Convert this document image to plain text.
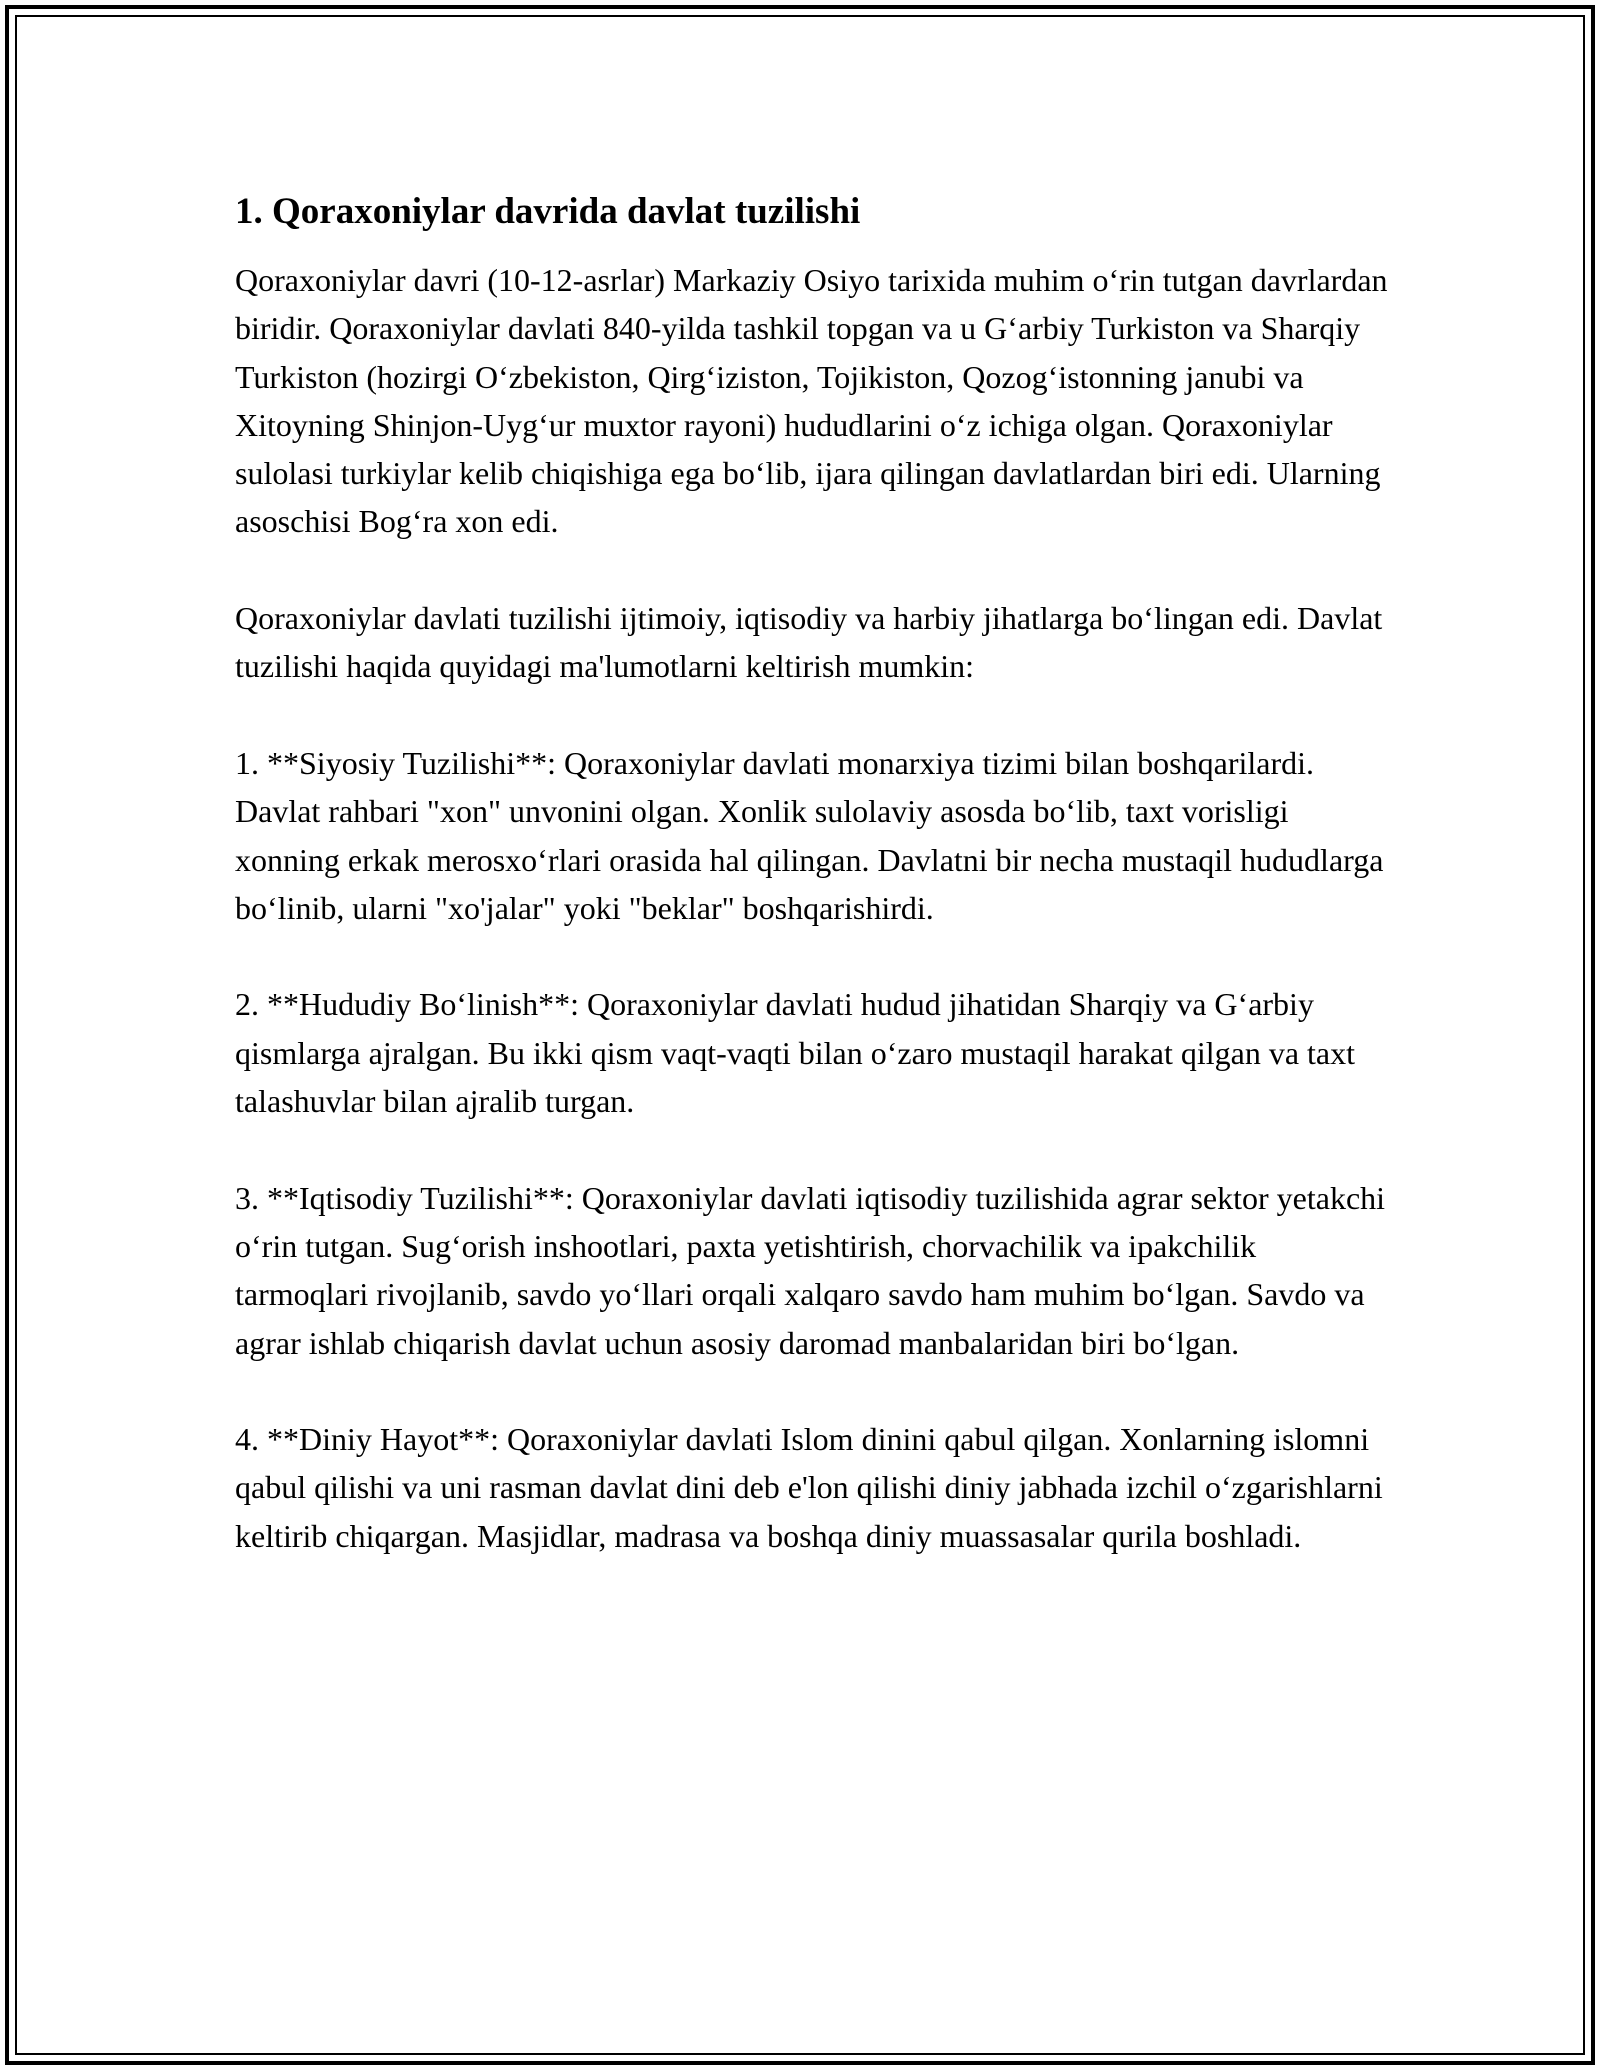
1. Qoraxoniylar davrida davlat tuzilishi

Qoraxoniylar davri (10-12-asrlar) Markaziy Osiyo tarixida muhim o‘rin tutgan davrlardan biridir. Qoraxoniylar davlati 840-yilda tashkil topgan va u G‘arbiy Turkiston va Sharqiy Turkiston (hozirgi O‘zbekiston, Qirg‘iziston, Tojikiston, Qozog‘istonning janubi va Xitoyning Shinjon-Uyg‘ur muxtor rayoni) hududlarini o‘z ichiga olgan. Qoraxoniylar sulolasi turkiylar kelib chiqishiga ega bo‘lib, ijara qilingan davlatlardan biri edi. Ularning asoschisi Bog‘ra xon edi.

Qoraxoniylar davlati tuzilishi ijtimoiy, iqtisodiy va harbiy jihatlarga bo‘lingan edi. Davlat tuzilishi haqida quyidagi ma'lumotlarni keltirish mumkin:

1. **Siyosiy Tuzilishi**: Qoraxoniylar davlati monarxiya tizimi bilan boshqarilardi. Davlat rahbari "xon" unvonini olgan. Xonlik sulolaviy asosda bo‘lib, taxt vorisligi xonning erkak merosxo‘rlari orasida hal qilingan. Davlatni bir necha mustaqil hududlarga bo‘linib, ularni "xo'jalar" yoki "beklar" boshqarishirdi.

2. **Hududiy Bo‘linish**: Qoraxoniylar davlati hudud jihatidan Sharqiy va G‘arbiy qismlarga ajralgan. Bu ikki qism vaqt-vaqti bilan o‘zaro mustaqil harakat qilgan va taxt talashuvlar bilan ajralib turgan.

3. **Iqtisodiy Tuzilishi**: Qoraxoniylar davlati iqtisodiy tuzilishida agrar sektor yetakchi o‘rin tutgan. Sug‘orish inshootlari, paxta yetishtirish, chorvachilik va ipakchilik tarmoqlari rivojlanib, savdo yo‘llari orqali xalqaro savdo ham muhim bo‘lgan. Savdo va agrar ishlab chiqarish davlat uchun asosiy daromad manbalaridan biri bo‘lgan.

4. **Diniy Hayot**: Qoraxoniylar davlati Islom dinini qabul qilgan. Xonlarning islomni qabul qilishi va uni rasman davlat dini deb e'lon qilishi diniy jabhada izchil o‘zgarishlarni keltirib chiqargan. Masjidlar, madrasa va boshqa diniy muassasalar qurila boshladi.
